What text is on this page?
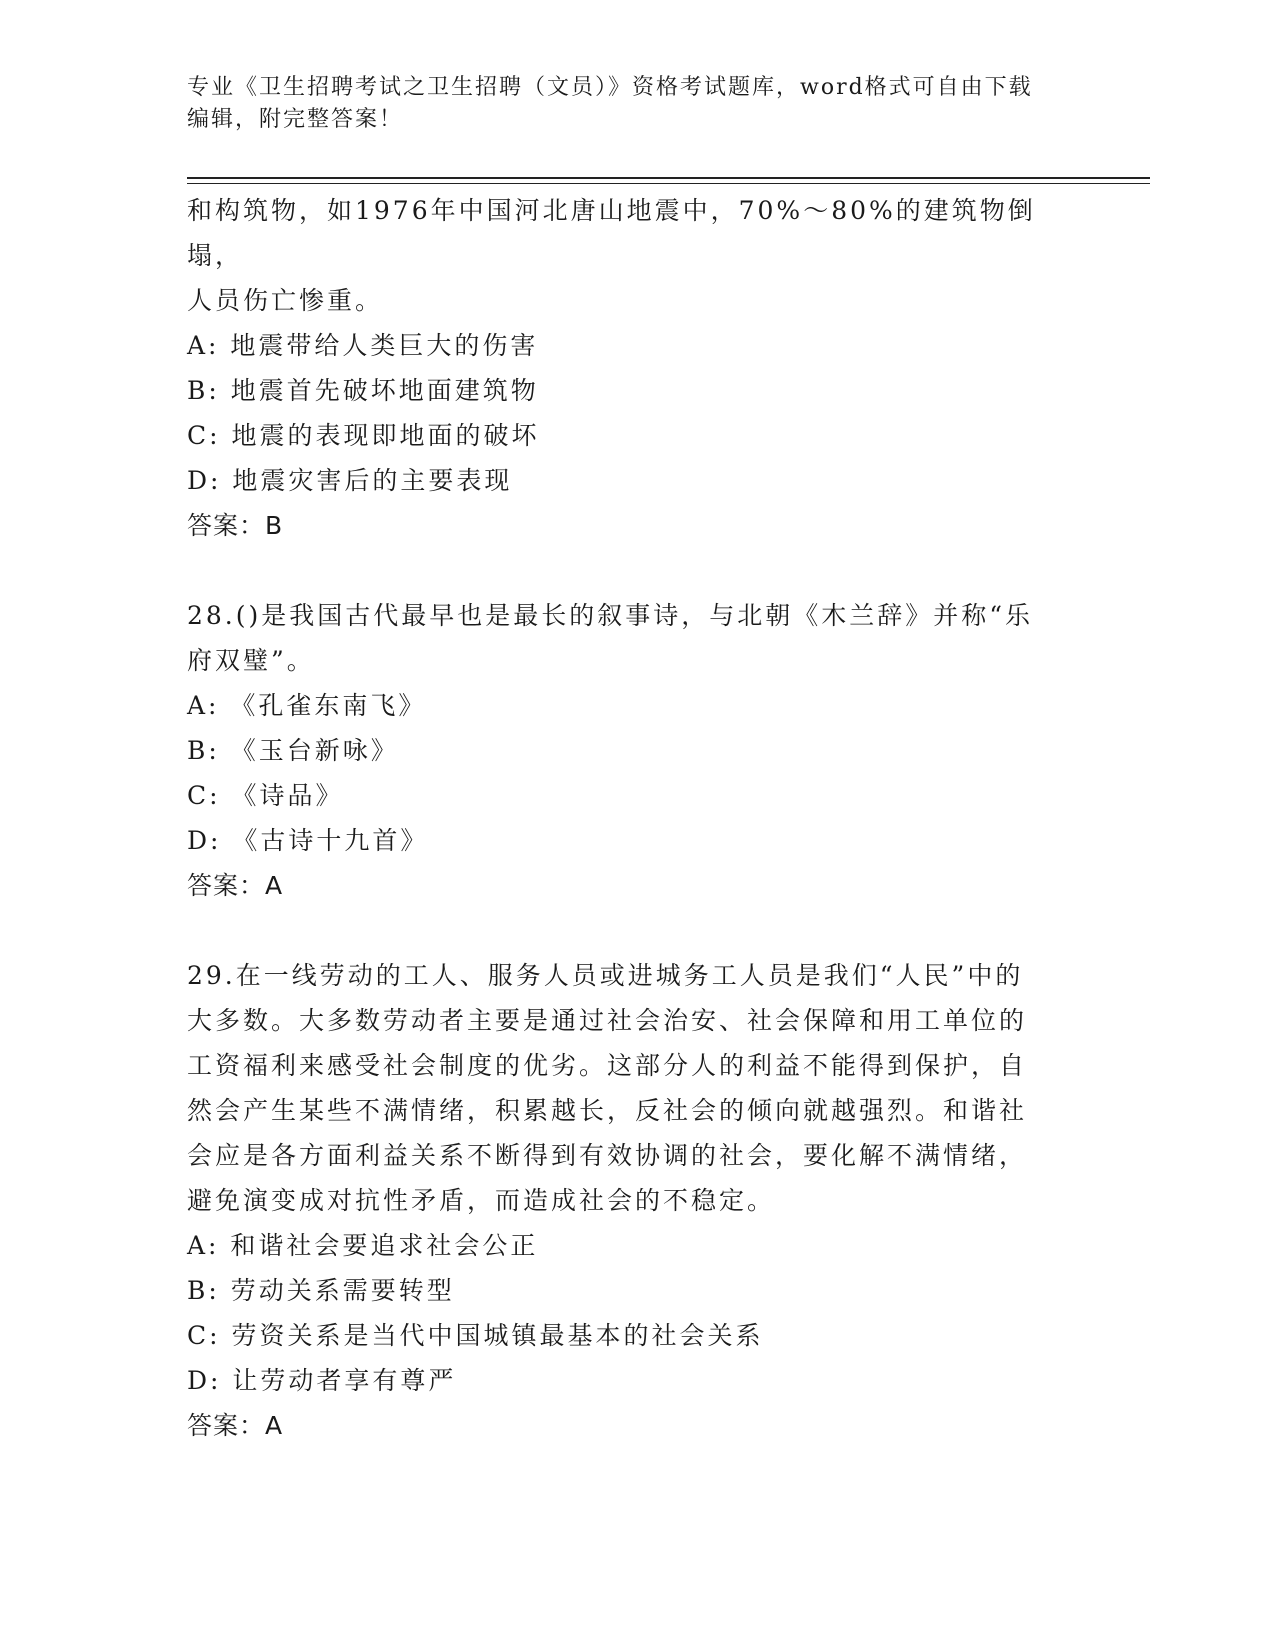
专业《卫生招聘考试之卫生招聘（文员）》资格考试题库，word格式可自由下载
编辑，附完整答案！

和构筑物，如1976年中国河北唐山地震中，70%～80%的建筑物倒塌，

人员伤亡惨重。

A: 地震带给人类巨大的伤害

B: 地震首先破坏地面建筑物

C: 地震的表现即地面的破坏

D: 地震灾害后的主要表现

答案：B

28.()是我国古代最早也是最长的叙事诗，与北朝《木兰辞》并称“乐

府双璧”。

A: 《孔雀东南飞》

B: 《玉台新咏》

C: 《诗品》

D: 《古诗十九首》

答案：A

29.在一线劳动的工人、服务人员或进城务工人员是我们“人民”中的

大多数。大多数劳动者主要是通过社会治安、社会保障和用工单位的

工资福利来感受社会制度的优劣。这部分人的利益不能得到保护，自

然会产生某些不满情绪，积累越长，反社会的倾向就越强烈。和谐社

会应是各方面利益关系不断得到有效协调的社会，要化解不满情绪，

避免演变成对抗性矛盾，而造成社会的不稳定。

A: 和谐社会要追求社会公正

B: 劳动关系需要转型

C: 劳资关系是当代中国城镇最基本的社会关系

D: 让劳动者享有尊严

答案：A
